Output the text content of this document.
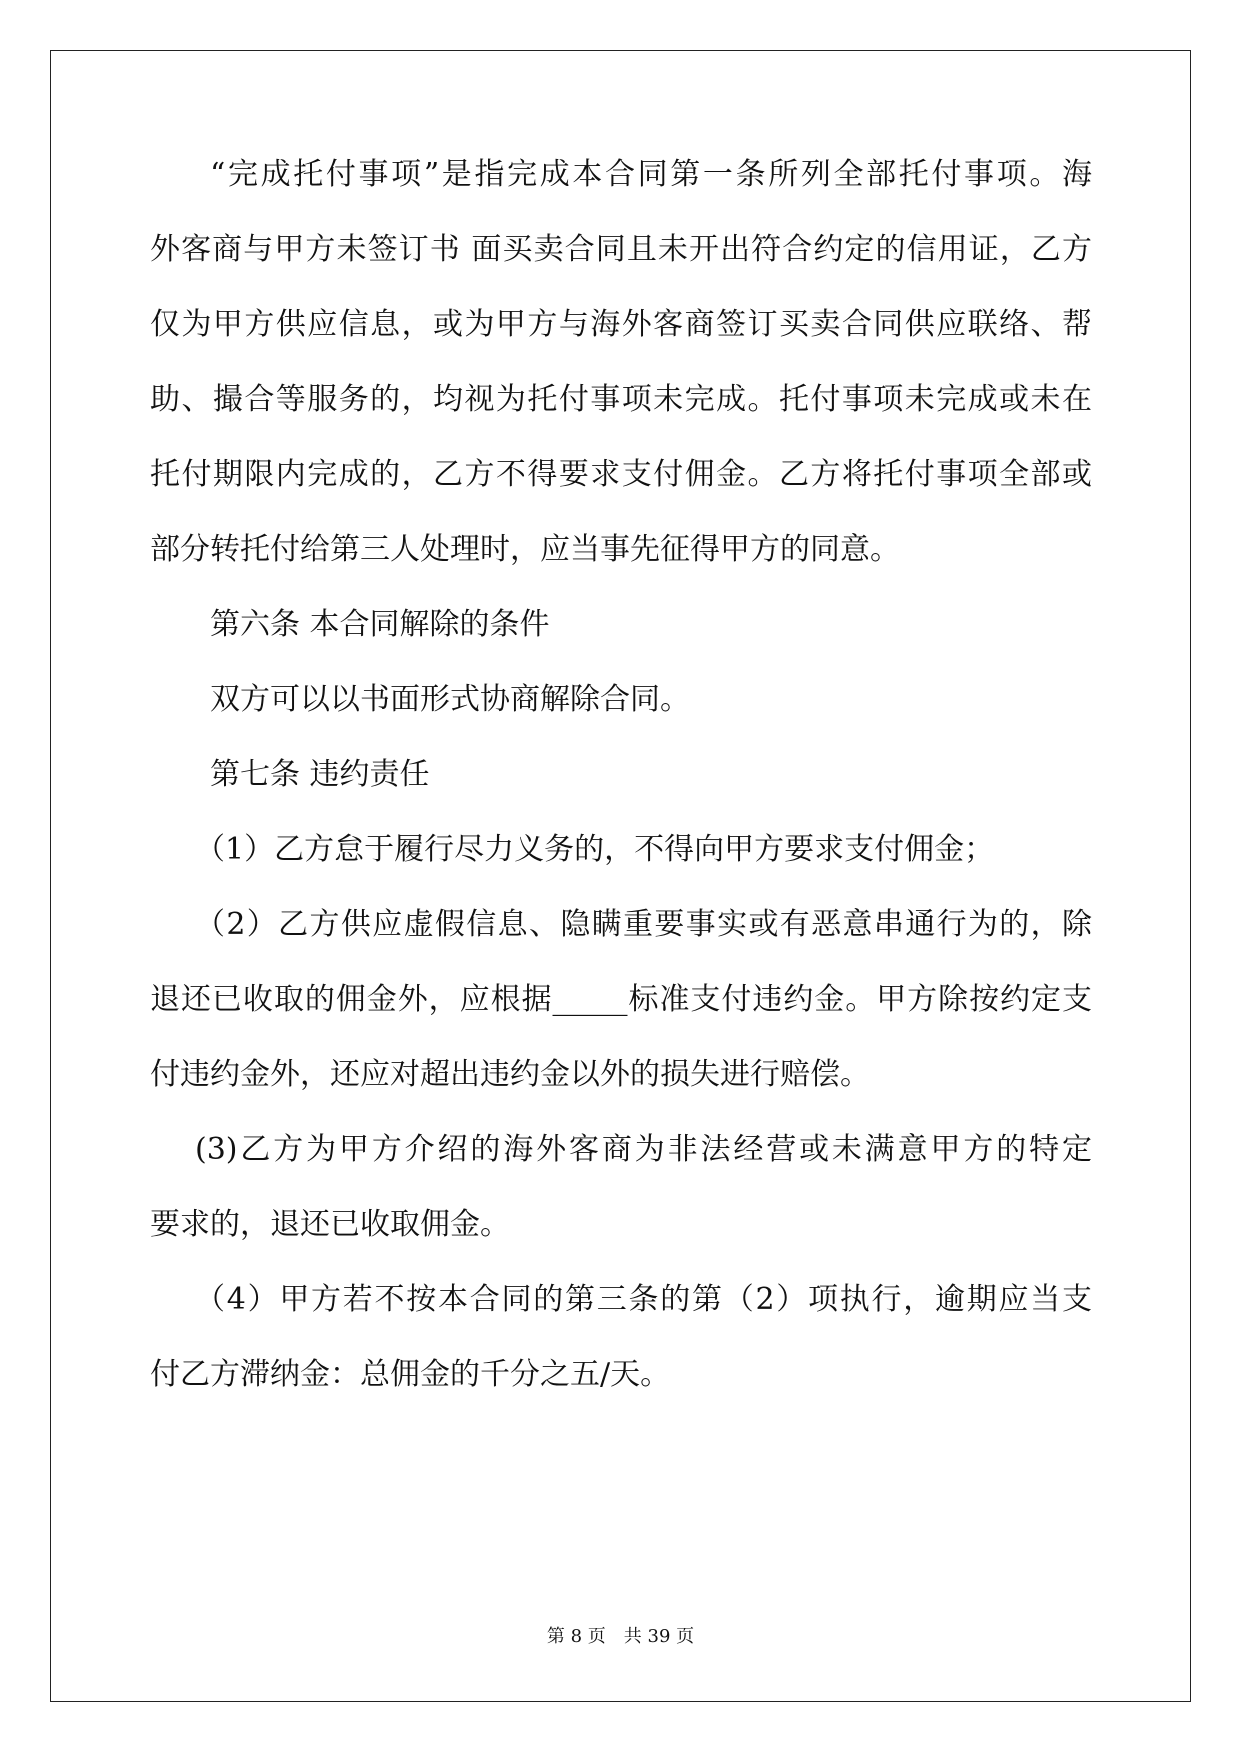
“完成托付事项”是指完成本合同第一条所列全部托付事项。海
外客商与甲方未签订书 面买卖合同且未开出符合约定的信用证，乙方
仅为甲方供应信息，或为甲方与海外客商签订买卖合同供应联络、帮
助、撮合等服务的，均视为托付事项未完成。托付事项未完成或未在
托付期限内完成的，乙方不得要求支付佣金。乙方将托付事项全部或
部分转托付给第三人处理时，应当事先征得甲方的同意。
第六条 本合同解除的条件
双方可以以书面形式协商解除合同。
第七条 违约责任
（1）乙方怠于履行尽力义务的，不得向甲方要求支付佣金；
（2）乙方供应虚假信息、隐瞒重要事实或有恶意串通行为的，除
退还已收取的佣金外，应根据_____标准支付违约金。甲方除按约定支
付违约金外，还应对超出违约金以外的损失进行赔偿。
(3)乙方为甲方介绍的海外客商为非法经营或未满意甲方的特定
要求的，退还已收取佣金。
（4）甲方若不按本合同的第三条的第（2）项执行，逾期应当支
付乙方滞纳金：总佣金的千分之五/天。
第 8 页　共 39 页
